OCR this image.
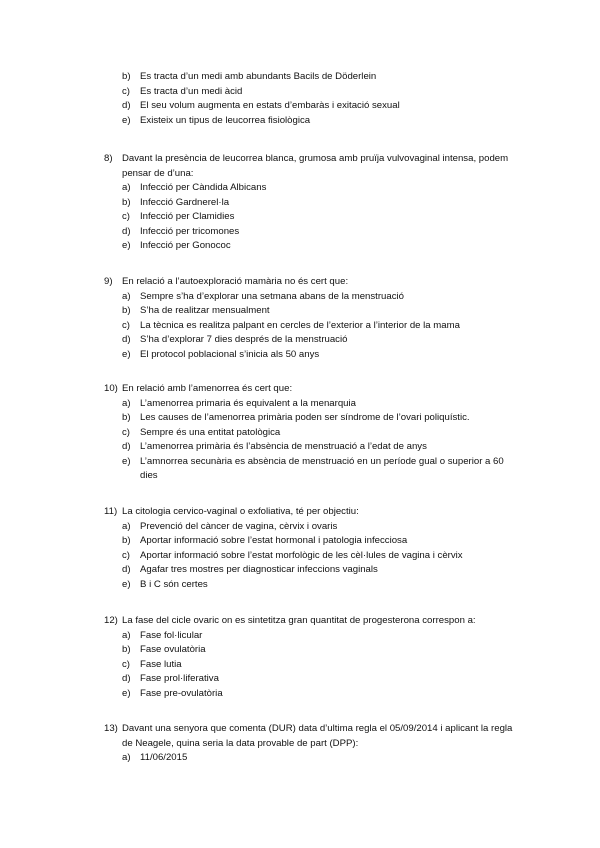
b) Es tracta d’un medi amb abundants Bacils de Döderlein
c) Es tracta d’un medi àcid
d) El seu volum augmenta en estats d’embaràs i exitació sexual
e) Existeix un tipus de leucorrea fisiològica
8) Davant la presència de leucorrea blanca, grumosa amb pruïja vulvovaginal intensa, podem pensar de d’una:
a) Infecció per Càndida Albicans
b) Infecció Gardnerel·la
c) Infecció per Clamidies
d) Infecció per tricomones
e) Infecció per Gonococ
9) En relació a l’autoexploració mamària no és cert que:
a) Sempre s’ha d’explorar una setmana abans de la menstruació
b) S’ha de realitzar mensualment
c) La tècnica es realitza palpant en cercles de l’exterior a l’interior de la mama
d) S’ha d’explorar 7 dies després de la menstruació
e) El protocol poblacional s’inicia als 50 anys
10) En relació amb l’amenorrea és cert que:
a) L’amenorrea primaria és equivalent a la menarquia
b) Les causes de l’amenorrea primària poden ser síndrome de l’ovari poliquístic.
c) Sempre és una entitat patològica
d) L’amenorrea primària és l’absència de menstruació a l’edat de anys
e) L’amnorrea secunària es absència de menstruació en un període gual o superior a 60 dies
11) La citologia cervico-vaginal o exfoliativa, té per objectiu:
a) Prevenció del càncer de vagina, cèrvix i ovaris
b) Aportar informació sobre l’estat hormonal i patologia infecciosa
c) Aportar informació sobre l’estat morfològic de les cèl·lules de vagina i cèrvix
d) Agafar tres mostres per diagnosticar infeccions vaginals
e) B i C són certes
12) La fase del cicle ovaric on es sintetitza gran quantitat de progesterona correspon a:
a) Fase fol·licular
b) Fase ovulatòria
c) Fase lutia
d) Fase prol·liferativa
e) Fase pre-ovulatòria
13) Davant una senyora que comenta (DUR) data d’ultima regla el 05/09/2014 i aplicant la regla de Neagele, quina seria la data provable de part (DPP):
a) 11/06/2015
